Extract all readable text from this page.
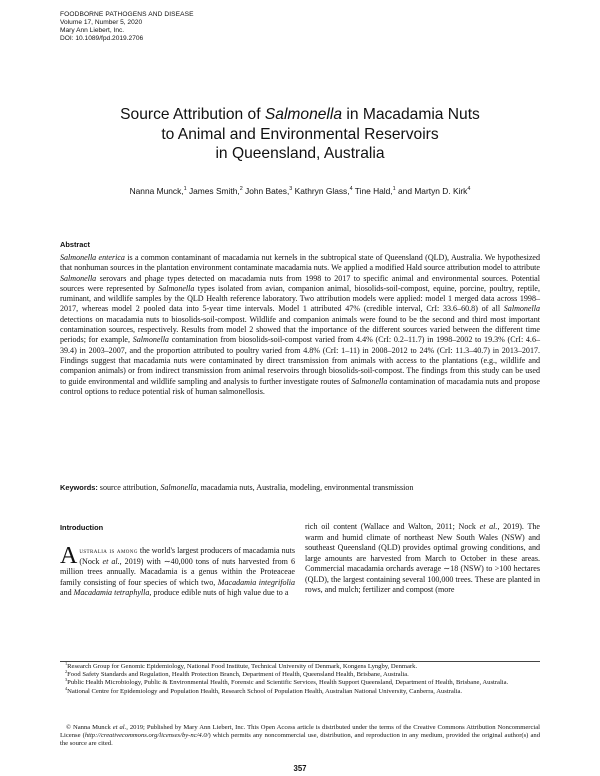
FOODBORNE PATHOGENS AND DISEASE
Volume 17, Number 5, 2020
Mary Ann Liebert, Inc.
DOI: 10.1089/fpd.2019.2706
Source Attribution of Salmonella in Macadamia Nuts
to Animal and Environmental Reservoirs
in Queensland, Australia
Nanna Munck,$^1$ James Smith,$^2$ John Bates,$^3$ Kathryn Glass,$^4$ Tine Hald,$^1$ and Martyn D. Kirk$^4$
Abstract

Salmonella enterica is a common contaminant of macadamia nut kernels in the subtropical state of Queensland (QLD), Australia. We hypothesized that nonhuman sources in the plantation environment contaminate macadamia nuts. We applied a modified Hald source attribution model to attribute Salmonella serovars and phage types detected on macadamia nuts from 1998 to 2017 to specific animal and environmental sources. Potential sources were represented by Salmonella types isolated from avian, companion animal, biosolids-soil-compost, equine, porcine, poultry, reptile, ruminant, and wildlife samples by the QLD Health reference laboratory. Two attribution models were applied: model 1 merged data across 1998–2017, whereas model 2 pooled data into 5-year time intervals. Model 1 attributed 47% (credible interval, CrI: 33.6–60.8) of all Salmonella detections on macadamia nuts to biosolids-soil-compost. Wildlife and companion animals were found to be the second and third most important contamination sources, respectively. Results from model 2 showed that the importance of the different sources varied between the different time periods; for example, Salmonella contamination from biosolids-soil-compost varied from 4.4% (CrI: 0.2–11.7) in 1998–2002 to 19.3% (CrI: 4.6–39.4) in 2003–2007, and the proportion attributed to poultry varied from 4.8% (CrI: 1–11) in 2008–2012 to 24% (CrI: 11.3–40.7) in 2013–2017. Findings suggest that macadamia nuts were contaminated by direct transmission from animals with access to the plantations (e.g., wildlife and companion animals) or from indirect transmission from animal reservoirs through biosolids-soil-compost. The findings from this study can be used to guide environmental and wildlife sampling and analysis to further investigate routes of Salmonella contamination of macadamia nuts and propose control options to reduce potential risk of human salmonellosis.

Keywords: source attribution, Salmonella, macadamia nuts, Australia, modeling, environmental transmission
Introduction

Australia is among the world's largest producers of macadamia nuts (Nock et al., 2019) with ∼40,000 tons of nuts harvested from 6 million trees annually. Macadamia is a genus within the Proteaceae family consisting of four species of which two, Macadamia integrifolia and Macadamia tetraphylla, produce edible nuts of high value due to a

rich oil content (Wallace and Walton, 2011; Nock et al., 2019). The warm and humid climate of northeast New South Wales (NSW) and southeast Queensland (QLD) provides optimal growing conditions, and large amounts are harvested from March to October in these areas. Commercial macadamia orchards average ∼18 (NSW) to >100 hectares (QLD), the largest containing several 100,000 trees. These are planted in rows, and mulch; fertilizer and compost (more

$^1$Research Group for Genomic Epidemiology, National Food Institute, Technical University of Denmark, Kongens Lyngby, Denmark.
$^2$Food Safety Standards and Regulation, Health Protection Branch, Department of Health, Queensland Health, Brisbane, Australia.
$^3$Public Health Microbiology, Public & Environmental Health, Forensic and Scientific Services, Health Support Queensland, Department of Health, Brisbane, Australia.
$^4$National Centre for Epidemiology and Population Health, Research School of Population Health, Australian National University, Canberra, Australia.
© Nanna Munck et al., 2019; Published by Mary Ann Liebert, Inc. This Open Access article is distributed under the terms of the Creative Commons Attribution Noncommercial License (http://creativecommons.org/licenses/by-nc/4.0/) which permits any noncommercial use, distribution, and reproduction in any medium, provided the original author(s) and the source are cited.
357
